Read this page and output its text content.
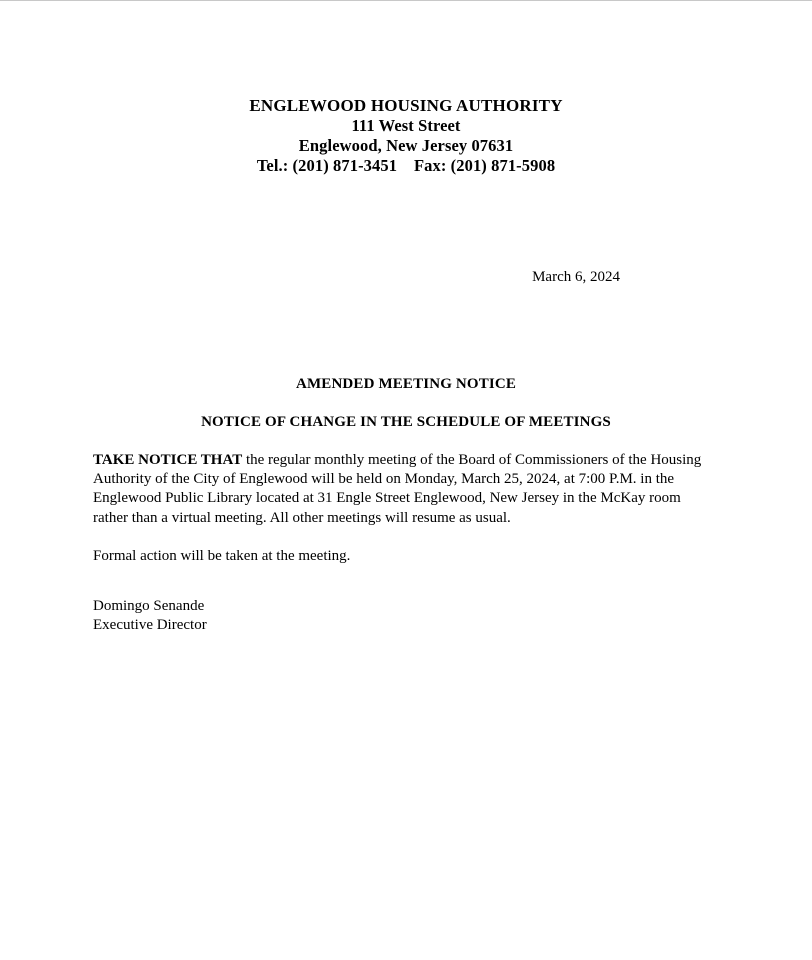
ENGLEWOOD HOUSING AUTHORITY
111 West Street
Englewood, New Jersey 07631
Tel.: (201) 871-3451    Fax: (201) 871-5908
March 6, 2024
AMENDED MEETING NOTICE
NOTICE OF CHANGE IN THE SCHEDULE OF MEETINGS

TAKE NOTICE THAT the regular monthly meeting of the Board of Commissioners of the Housing Authority of the City of Englewood will be held on Monday, March 25, 2024, at 7:00 P.M. in the Englewood Public Library located at 31 Engle Street Englewood, New Jersey in the McKay room rather than a virtual meeting. All other meetings will resume as usual.

Formal action will be taken at the meeting.

Domingo Senande
Executive Director
